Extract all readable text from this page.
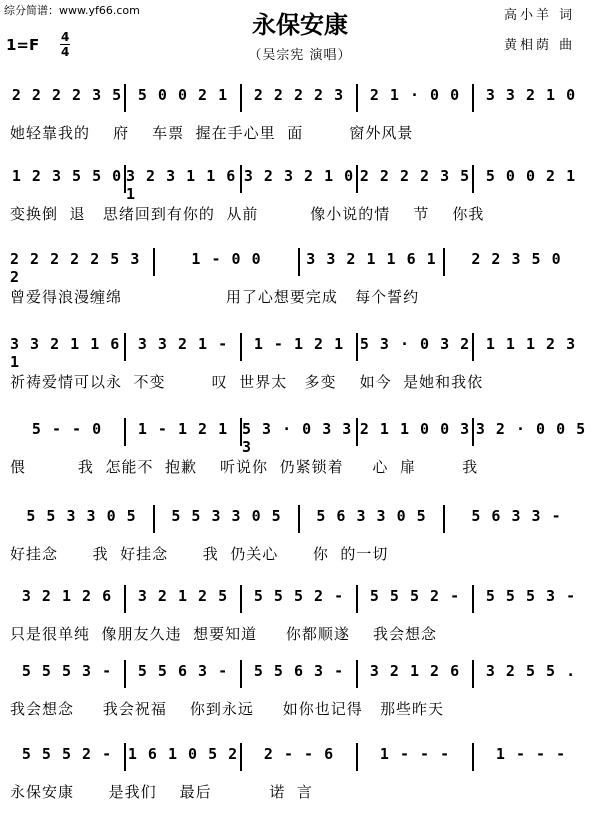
综分简谱：www.yf66.com
永保安康
1=F 4
4	（吴宗宪 演唱）
高小羊 词
黄相荫 曲
2 2 2 2 3 5 5 0 0 2 1 2 2 2 2 3 2 1 · 0 0 3 3 2 1 0
她轻靠我的    府    车票  握在手心里  面        窗外风景
1 2 3 5 5 0 3 2 3 1 1 6 1
3 2 3 2 1 0 2 2 2 2 3 5 5 0 0 2 1
变换倒  退   思绪回到有你的  从前         像小说的情    节    你我
2 2 2 2 2 5 3 2
1 - 0 0	3 3 2 1 1 6 1 2 2 3 5 0
曾爱得浪漫缠绵                  用了心想要完成   每个誓约
3 3 2 1 1 6 1
3 3 2 1 - 1 - 1 2 1 5 3 · 0 3 2 1 1 1 2 3
祈祷爱情可以永  不变        叹  世界太   多变    如今  是她和我依
5 - - 0 1 - 1 2 1 5 3 · 0 3 3 3
2 1 1 0 0 3 3 2 · 0 0 5
偎         我  怎能不  抱歉    听说你  仍紧锁着     心  扉        我
5 5 3 3 0 5 5 5 3 3 0 5 5 6 3 3 0 5	5 6 3 3 -
好挂念      我  好挂念      我  仍关心      你  的一切
3 2 1 2 6 3 2 1 2 5 5 5 5 2 - 5 5 5 2 - 5 5 5 3 -
只是很单纯  像朋友久违  想要知道     你都顺遂    我会想念
5 5 5 3 - 5 5 6 3 - 5 5 6 3 - 3 2 1 2 6 3 2 5 5 .
我会想念     我会祝福    你到永远     如你也记得   那些昨天
5 5 5 2 - 1 6 1 0 5 2 2 - - 6	1 - - -	1 - - -
永保安康      是我们    最后          诺  言
